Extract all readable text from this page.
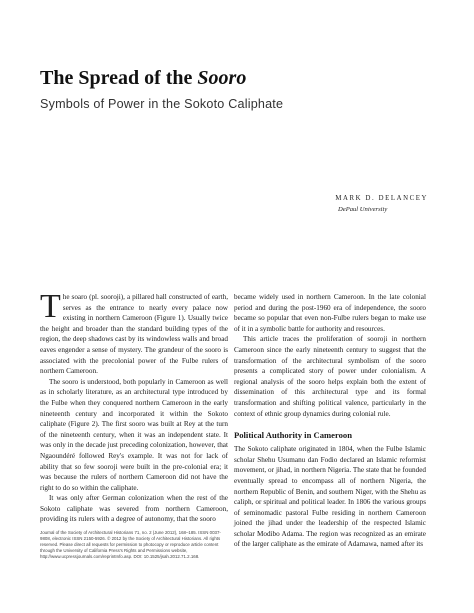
The Spread of the Sooro
Symbols of Power in the Sokoto Caliphate
MARK D. DELANCEY
DePaul University

The soaro (pl. sooroji), a pillared hall constructed of earth, serves as the entrance to nearly every palace now existing in northern Cameroon (Figure 1). Usually twice the height and broader than the standard building types of the region, the deep shadows cast by its windowless walls and broad eaves engender a sense of mystery. The grandeur of the sooro is associated with the precolonial power of the Fulbe rulers of northern Cameroon.

The sooro is understood, both popularly in Cameroon as well as in scholarly literature, as an architectural type introduced by the Fulbe when they conquered northern Cameroon in the early nineteenth century and incorporated it within the Sokoto caliphate (Figure 2). The first sooro was built at Rey at the turn of the nineteenth century, when it was an independent state. It was only in the decade just preceding colonization, however, that Ngaoundéré followed Rey's example. It was not for lack of ability that so few sooroji were built in the pre-colonial era; it was because the rulers of northern Cameroon did not have the right to do so within the caliphate.

It was only after German colonization when the rest of the Sokoto caliphate was severed from northern Cameroon, providing its rulers with a degree of autonomy, that the sooro

Journal of the Society of Architectural Historians 71, no. 2 (June 2012), 168–185. ISSN 0037-9808, electronic ISSN 2150-5926. © 2012 by the Society of Architectural Historians. All rights reserved. Please direct all requests for permission to photocopy or reproduce article content through the University of California Press's Rights and Permissions website, http://www.ucpressjournals.com/reprintInfo.asp. DOI: 10.1525/jsah.2012.71.2.168.

became widely used in northern Cameroon. In the late colonial period and during the post-1960 era of independence, the sooro became so popular that even non-Fulbe rulers began to make use of it in a symbolic battle for authority and resources.

This article traces the proliferation of sooroji in northern Cameroon since the early nineteenth century to suggest that the transformation of the architectural symbolism of the sooro presents a complicated story of power under colonialism. A regional analysis of the sooro helps explain both the extent of dissemination of this architectural type and its formal transformation and shifting political valence, particularly in the context of ethnic group dynamics during colonial rule.

Political Authority in Cameroon

The Sokoto caliphate originated in 1804, when the Fulbe Islamic scholar Shehu Usumanu dan Fodio declared an Islamic reformist movement, or jihad, in northern Nigeria. The state that he founded eventually spread to encompass all of northern Nigeria, the northern Republic of Benin, and southern Niger, with the Shehu as caliph, or spiritual and political leader. In 1806 the various groups of seminomadic pastoral Fulbe residing in northern Cameroon joined the jihad under the leadership of the respected Islamic scholar Modibo Adama. The region was recognized as an emirate of the larger caliphate as the emirate of Adamawa, named after its
